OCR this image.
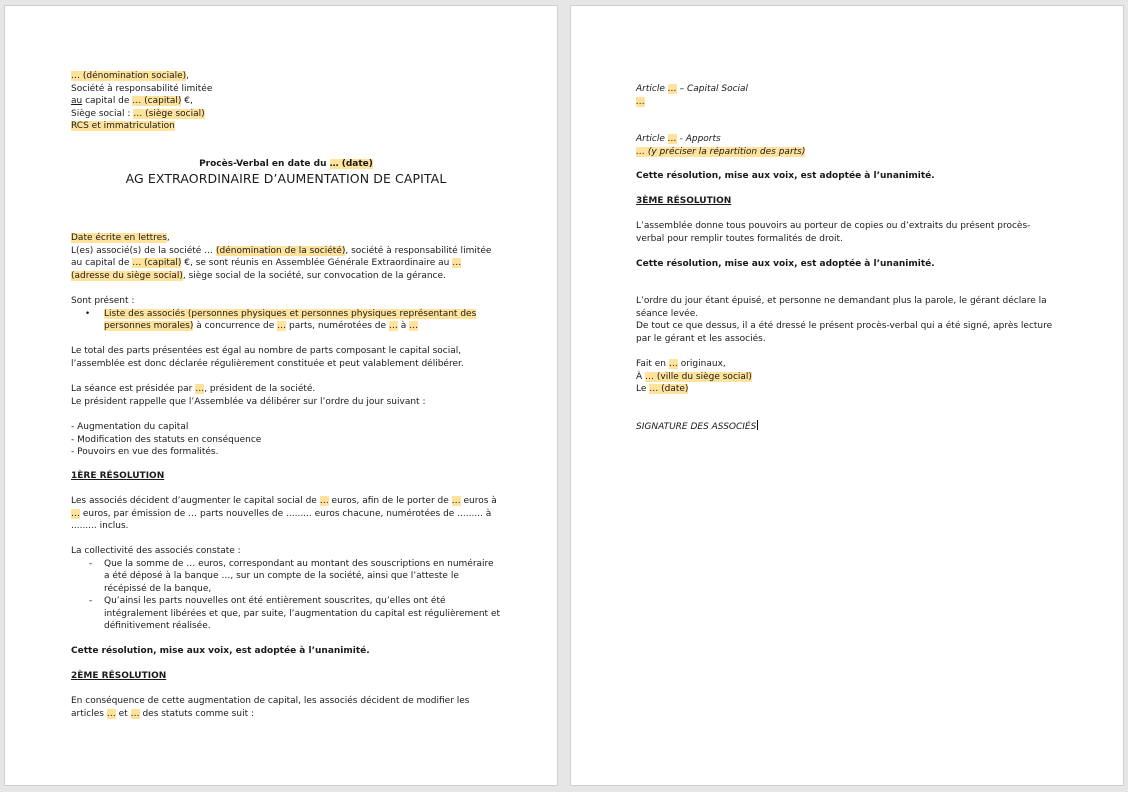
… (dénomination sociale),

Société à responsabilité limitée

au capital de … (capital) €,

Siège social : … (siège social)

RCS et immatriculation

Procès-Verbal en date du … (date)

AG EXTRAORDINAIRE D’AUMENTATION DE CAPITAL

Date écrite en lettres,

L(es) associé(s) de la société … (dénomination de la société), société à responsabilité limitée au capital de … (capital) €, se sont réunis en Assemblée Générale Extraordinaire au … (adresse du siège social), siège social de la société, sur convocation de la gérance.

Sont présent :

•	Liste des associés (personnes physiques et personnes physiques représentant des personnes morales) à concurrence de … parts, numérotées de … à …

Le total des parts présentées est égal au nombre de parts composant le capital social, l’assemblée est donc déclarée régulièrement constituée et peut valablement délibérer.

La séance est présidée par …, président de la société.

Le président rappelle que l’Assemblée va délibérer sur l’ordre du jour suivant :

- Augmentation du capital

- Modification des statuts en conséquence

- Pouvoirs en vue des formalités.

1ÈRE RÉSOLUTION

Les associés décident d’augmenter le capital social de … euros, afin de le porter de … euros à … euros, par émission de … parts nouvelles de ......... euros chacune, numérotées de ......... à ......... inclus.

La collectivité des associés constate :

-	Que la somme de … euros, correspondant au montant des souscriptions en numéraire a été déposé à la banque …, sur un compte de la société, ainsi que l’atteste le récépissé de la banque,
-	Qu’ainsi les parts nouvelles ont été entièrement souscrites, qu’elles ont été intégralement libérées et que, par suite, l’augmentation du capital est régulièrement et définitivement réalisée.

Cette résolution, mise aux voix, est adoptée à l’unanimité.

2ÈME RÉSOLUTION

En conséquence de cette augmentation de capital, les associés décident de modifier les articles … et … des statuts comme suit :

Article … – Capital Social

…

Article … - Apports

… (y préciser la répartition des parts)

Cette résolution, mise aux voix, est adoptée à l’unanimité.

3ÈME RÉSOLUTION

L’assemblée donne tous pouvoirs au porteur de copies ou d’extraits du présent procès-verbal pour remplir toutes formalités de droit.

Cette résolution, mise aux voix, est adoptée à l’unanimité.

L’ordre du jour étant épuisé, et personne ne demandant plus la parole, le gérant déclare la séance levée.

De tout ce que dessus, il a été dressé le présent procès-verbal qui a été signé, après lecture par le gérant et les associés.

Fait en … originaux,

À … (ville du siège social)

Le … (date)

SIGNATURE DES ASSOCIÉS
